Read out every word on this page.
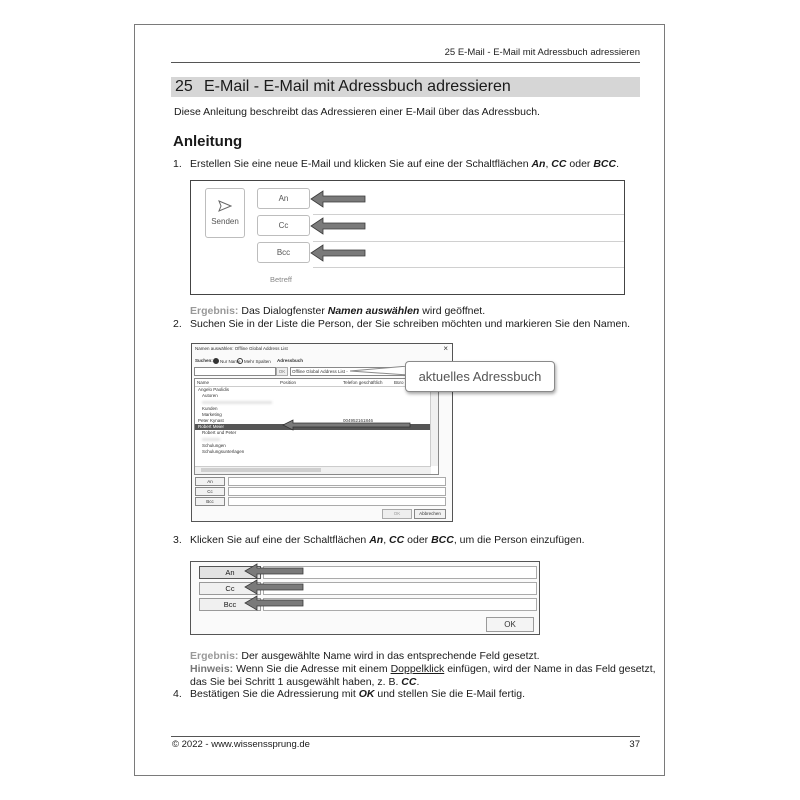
25 E-Mail - E-Mail mit Adressbuch adressieren
25 E-Mail - E-Mail mit Adressbuch adressieren
Diese Anleitung beschreibt das Adressieren einer E-Mail über das Adressbuch.
Anleitung
1. Erstellen Sie eine neue E-Mail und klicken Sie auf eine der Schaltflächen An, CC oder BCC.
Senden
An
Cc
Bcc
Betreff
Ergebnis: Das Dialogfenster Namen auswählen wird geöffnet.
2. Suchen Sie in der Liste die Person, der Sie schreiben möchten und markieren Sie den Namen.
Namen auswählen: Offline Global Address List	×
Suchen: Nur Name Mehr Spalten Adressbuch
OK	Offline Global Address List -
Name	Position	Telefon geschäftlich	Büro
Angelo Paolidis
Autoren
Kunden
Marketing
Peter Kynast	004952161846
Robert Meier
Robert und Peter
Schulungen
Schulungsunterlagen
An
Cc
Bcc
OK	Abbrechen
aktuelles Adressbuch
3. Klicken Sie auf eine der Schaltflächen An, CC oder BCC, um die Person einzufügen.
An
Cc
Bcc
OK
Ergebnis: Der ausgewählte Name wird in das entsprechende Feld gesetzt.
Hinweis: Wenn Sie die Adresse mit einem Doppelklick einfügen, wird der Name in das Feld gesetzt,
das Sie bei Schritt 1 ausgewählt haben, z. B. CC.
4. Bestätigen Sie die Adressierung mit OK und stellen Sie die E-Mail fertig.
© 2022 - www.wissenssprung.de	37
